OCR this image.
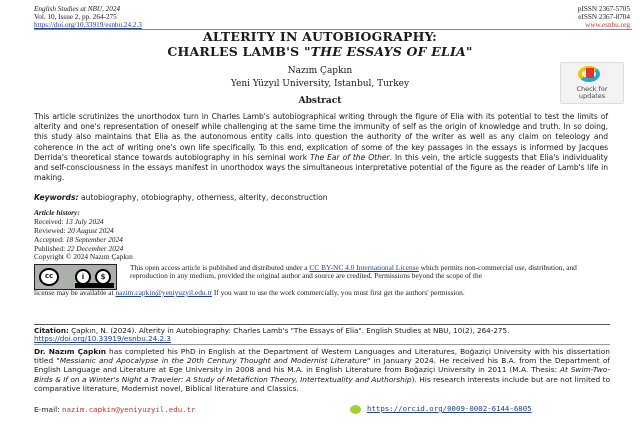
English Studies at NBU, 2024
Vol. 10, Issue 2, pp. 264-275
https://doi.org/10.33919/esnbu.24.2.3
pISSN 2367-5705
eISSN 2367-8704
www.esnbu.org
ALTERITY IN AUTOBIOGRAPHY:
CHARLES LAMB'S "THE ESSAYS OF ELIA"
Nazım Çapkın
Yeni Yüzyıl University, Istanbul, Turkey	Check for
updates
Abstract
This article scrutinizes the unorthodox turn in Charles Lamb's autobiographical writing through the figure of Elia with its potential to test the limits of alterity and one's representation of oneself while challenging at the same time the immunity of self as the origin of knowledge and truth. In so doing, this study also maintains that Elia as the autonomous entity calls into question the authority of the writer as well as any claim on teleology and coherence in the act of writing one's own life specifically. To this end, explication of some of the key passages in the essays is informed by Jacques Derrida's theoretical stance towards autobiography in his seminal work The Ear of the Other. In this vein, the article suggests that Elia's individuality and self-consciousness in the essays manifest in unorthodox ways the simultaneous interpretative potential of the figure as the reader of Lamb's life in making.
Keywords: autobiography, otobiography, otherness, alterity, deconstruction
Article history:
Received: 13 July 2024
Reviewed: 20 August 2024
Accepted: 18 September 2024
Published: 22 December 2024
Copyright © 2024 Nazım Çapkın
cc	i	$
This open access article is published and distributed under a CC BY-NC 4.0 International License which permits non-commercial use, distribution, and reproduction in any medium, provided the original author and source are credited. Permissions beyond the scope of the
license may be available at nazim.capkin@yeniyuzyil.edu.tr If you want to use the work commercially, you must first get the authors' permission.
Citation: Çapkın, N. (2024). Alterity in Autobiography: Charles Lamb's "The Essays of Elia". English Studies at NBU, 10(2), 264-275. https://doi.org/10.33919/esnbu.24.2.3
Dr. Nazım Çapkın has completed his PhD in English at the Department of Western Languages and Literatures, Boğaziçi University with his dissertation titled "Messianic and Apocalypse in the 20th Century Thought and Modernist Literature" in January 2024. He received his B.A. from the Department of English Language and Literature at Ege University in 2008 and his M.A. in English Literature from Boğaziçi University in 2011 (M.A. Thesis: At Swim-Two-Birds & If on a Winter's Night a Traveler: A Study of Metafiction Theory, Intertextuality and Authorship). His research interests include but are not limited to comparative literature, Modernist novel, Biblical literature and Classics.
E-mail: nazim.capkin@yeniyuzyil.edu.tr	https://orcid.org/0009-0002-6144-6805
